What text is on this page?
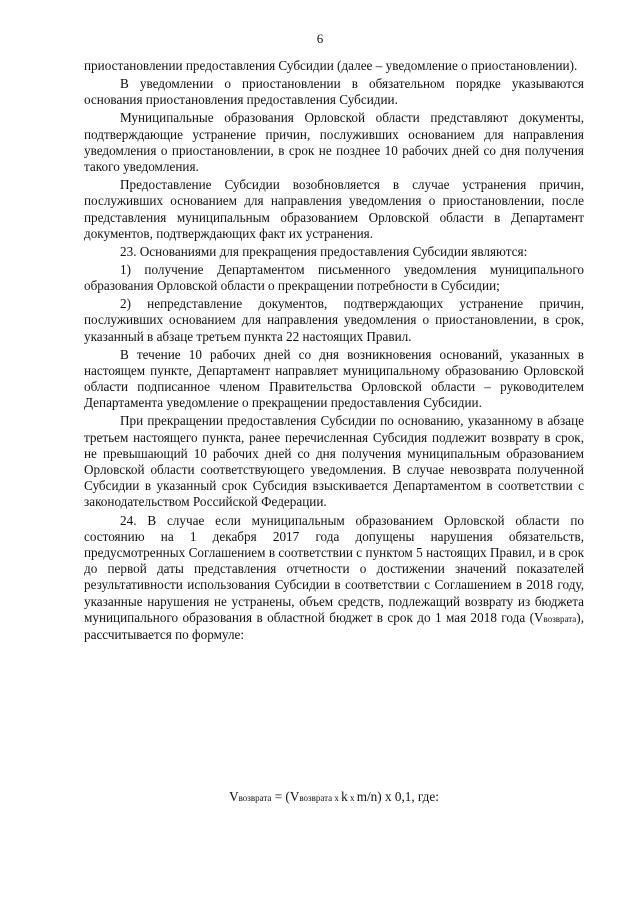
6

приостановлении предоставления Субсидии (далее – уведомление о приостановлении).

В уведомлении о приостановлении в обязательном порядке указываются основания приостановления предоставления Субсидии.

Муниципальные образования Орловской области представляют документы, подтверждающие устранение причин, послуживших основанием для направления уведомления о приостановлении, в срок не позднее 10 рабочих дней со дня получения такого уведомления.

Предоставление Субсидии возобновляется в случае устранения причин, послуживших основанием для направления уведомления о приостановлении, после представления муниципальным образованием Орловской области в Департамент документов, подтверждающих факт их устранения.

23. Основаниями для прекращения предоставления Субсидии являются:

1) получение Департаментом письменного уведомления муниципального образования Орловской области о прекращении потребности в Субсидии;

2) непредставление документов, подтверждающих устранение причин, послуживших основанием для направления уведомления о приостановлении, в срок, указанный в абзаце третьем пункта 22 настоящих Правил.

В течение 10 рабочих дней со дня возникновения оснований, указанных в настоящем пункте, Департамент направляет муниципальному образованию Орловской области подписанное членом Правительства Орловской области – руководителем Департамента уведомление о прекращении предоставления Субсидии.

При прекращении предоставления Субсидии по основанию, указанному в абзаце третьем настоящего пункта, ранее перечисленная Субсидия подлежит возврату в срок, не превышающий 10 рабочих дней со дня получения муниципальным образованием Орловской области соответствующего уведомления. В случае невозврата полученной Субсидии в указанный срок Субсидия взыскивается Департаментом в соответствии с законодательством Российской Федерации.

24. В случае если муниципальным образованием Орловской области по состоянию на 1 декабря 2017 года допущены нарушения обязательств, предусмотренных Соглашением в соответствии с пунктом 5 настоящих Правил, и в срок до первой даты представления отчетности о достижении значений показателей результативности использования Субсидии в соответствии с Соглашением в 2018 году, указанные нарушения не устранены, объем средств, подлежащий возврату из бюджета муниципального образования в областной бюджет в срок до 1 мая 2018 года (Vвозврата), рассчитывается по формуле:

Vвозврата = (Vвозврата x k x m/n) x 0,1, где:
